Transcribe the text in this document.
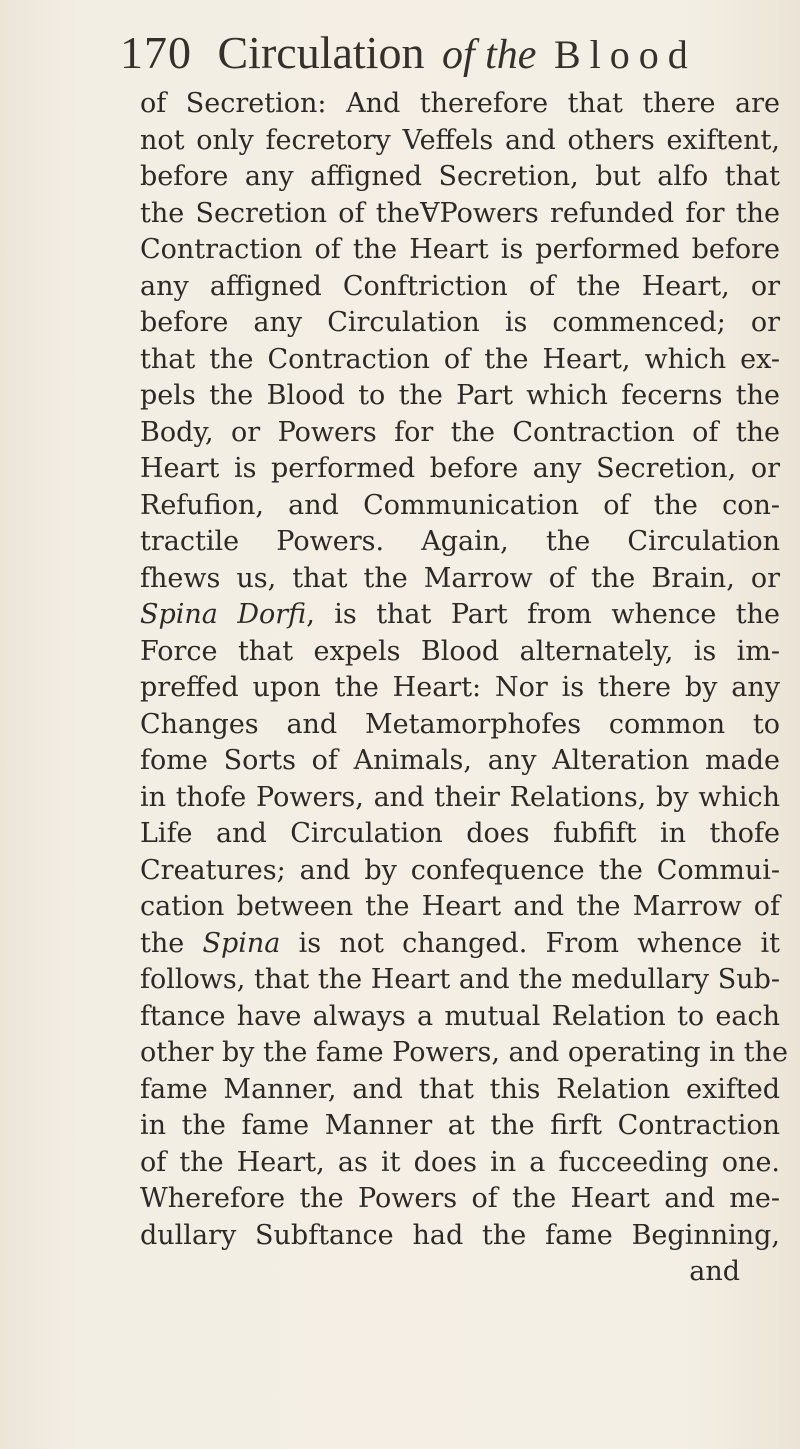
170 Circulation of the Blood
of Secretion: And therefore that there are
not only fecretory Veffels and others exiftent,
before any affigned Secretion, but alfo that
the Secretion of theⱯPowers refunded for the
Contraction of the Heart is performed before
any affigned Conftriction of the Heart, or
before any Circulation is commenced; or
that the Contraction of the Heart, which ex-
pels the Blood to the Part which fecerns the
Body, or Powers for the Contraction of the
Heart is performed before any Secretion, or
Refufion, and Communication of the con-
tractile Powers. Again, the Circulation
fhews us, that the Marrow of the Brain, or
Spina Dorfi, is that Part from whence the
Force that expels Blood alternately, is im-
preffed upon the Heart: Nor is there by any
Changes and Metamorphofes common to
fome Sorts of Animals, any Alteration made
in thofe Powers, and their Relations, by which
Life and Circulation does fubfift in thofe
Creatures; and by confequence the Commui-
cation between the Heart and the Marrow of
the Spina is not changed. From whence it
follows, that the Heart and the medullary Sub-
ftance have always a mutual Relation to each
other by the fame Powers, and operating in the
fame Manner, and that this Relation exifted
in the fame Manner at the firft Contraction
of the Heart, as it does in a fucceeding one.
Wherefore the Powers of the Heart and me-
dullary Subftance had the fame Beginning,
and
